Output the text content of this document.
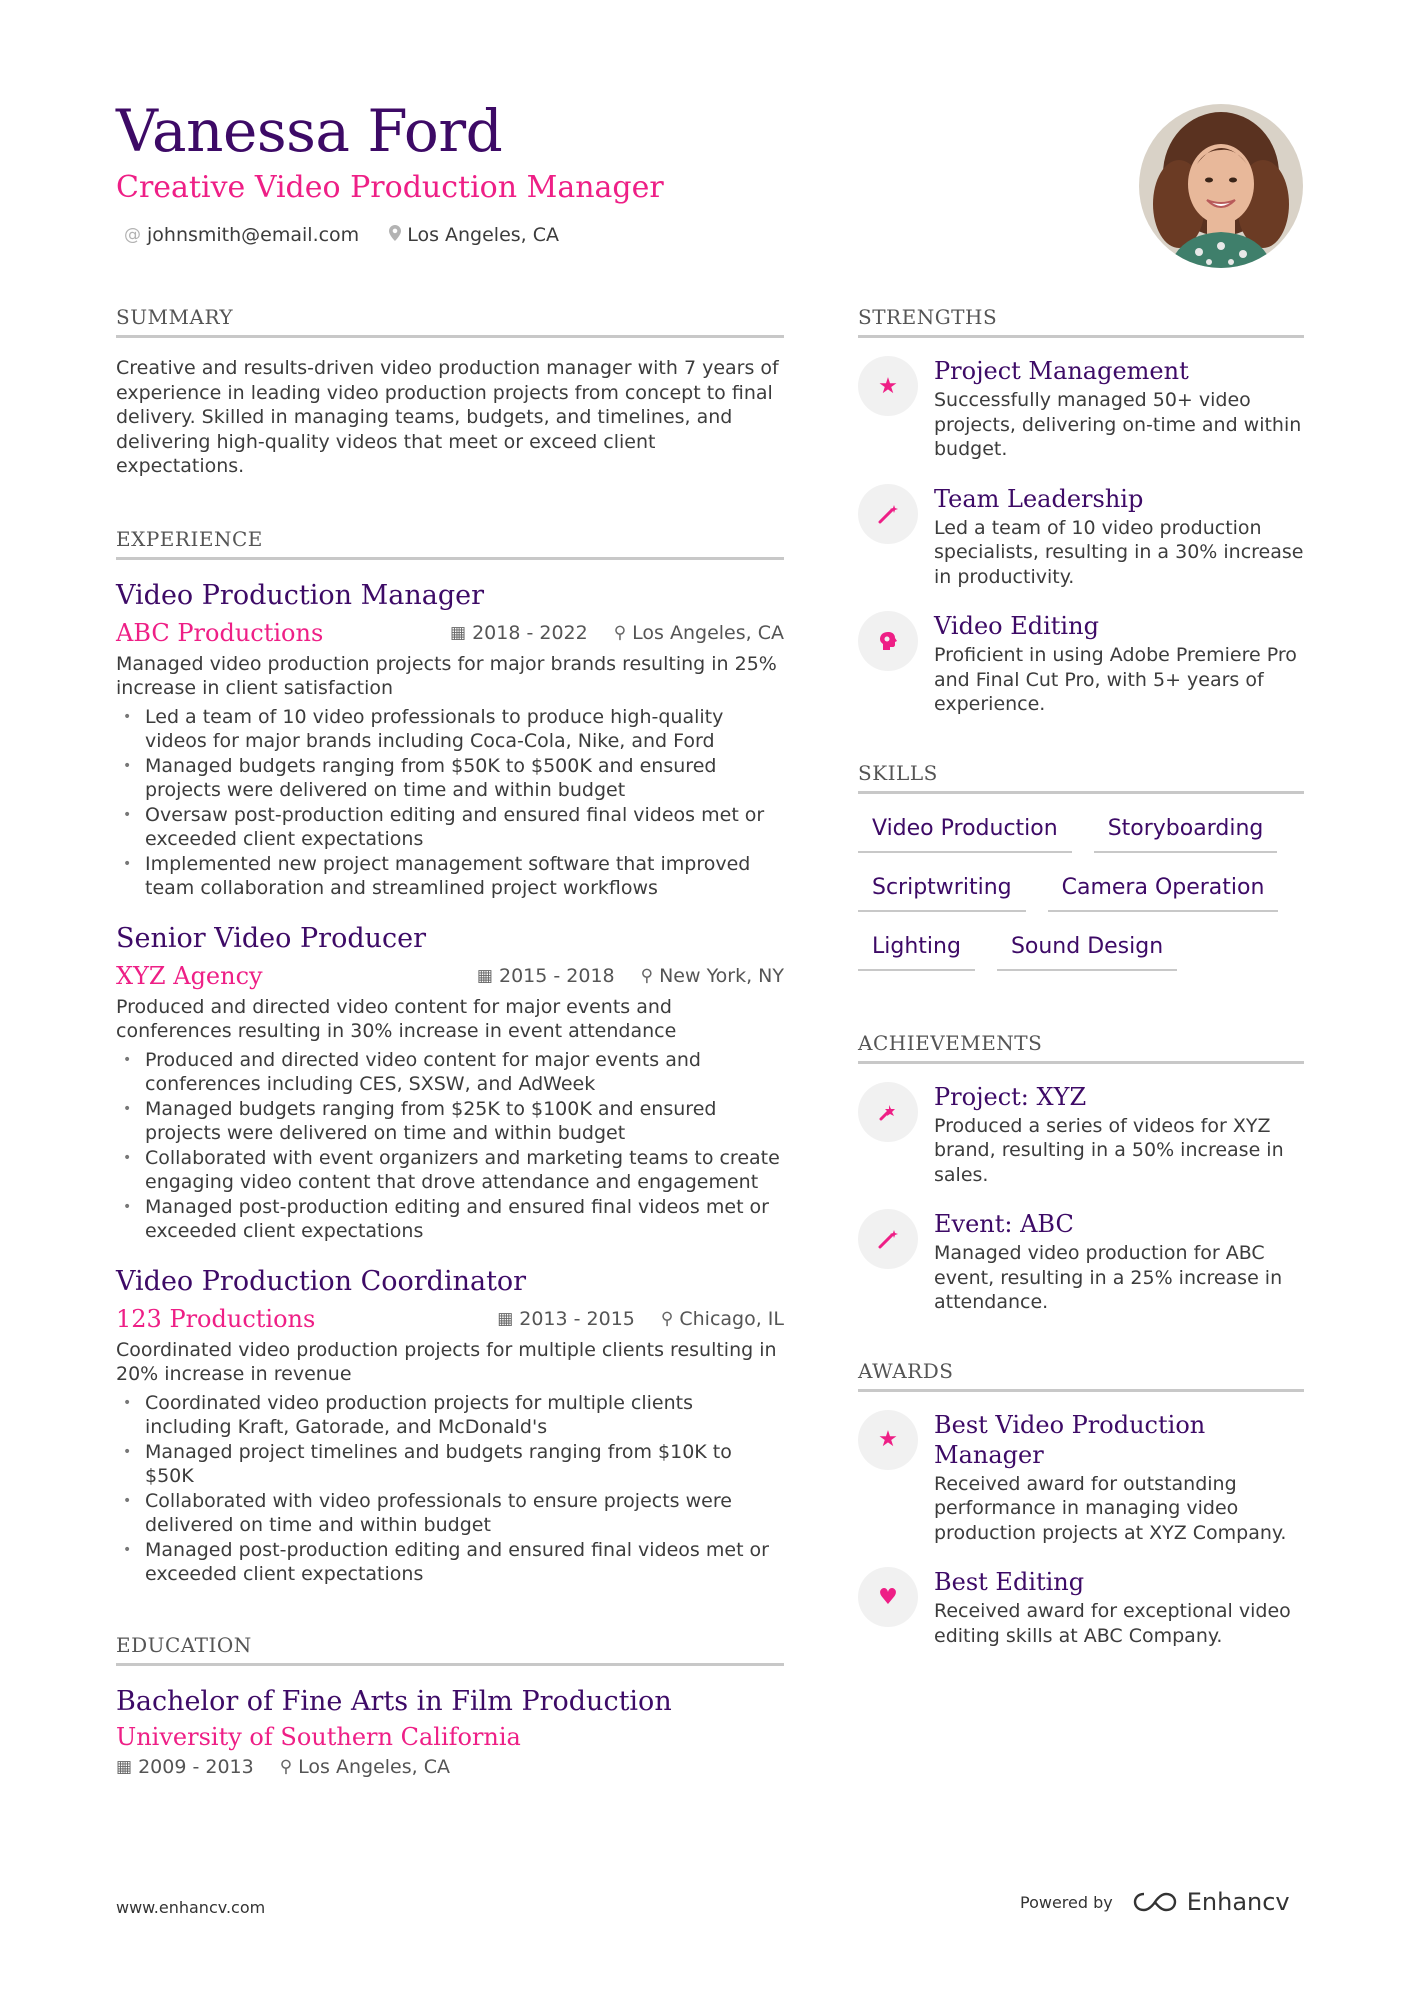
Vanessa Ford
Creative Video Production Manager
@ johnsmith@email.com	Los Angeles, CA
SUMMARY
Creative and results-driven video production manager with 7 years of experience in leading video production projects from concept to final delivery. Skilled in managing teams, budgets, and timelines, and delivering high-quality videos that meet or exceed client expectations.
EXPERIENCE
Video Production Manager
ABC Productions	▦ 2018 - 2022 ⚲ Los Angeles, CA
Managed video production projects for major brands resulting in 25% increase in client satisfaction
• Led a team of 10 video professionals to produce high-quality videos for major brands including Coca-Cola, Nike, and Ford
• Managed budgets ranging from $50K to $500K and ensured projects were delivered on time and within budget
• Oversaw post-production editing and ensured final videos met or exceeded client expectations
• Implemented new project management software that improved team collaboration and streamlined project workflows
Senior Video Producer
XYZ Agency	▦ 2015 - 2018 ⚲ New York, NY
Produced and directed video content for major events and conferences resulting in 30% increase in event attendance
• Produced and directed video content for major events and conferences including CES, SXSW, and AdWeek
• Managed budgets ranging from $25K to $100K and ensured projects were delivered on time and within budget
• Collaborated with event organizers and marketing teams to create engaging video content that drove attendance and engagement
• Managed post-production editing and ensured final videos met or exceeded client expectations
Video Production Coordinator
123 Productions	▦ 2013 - 2015 ⚲ Chicago, IL
Coordinated video production projects for multiple clients resulting in 20% increase in revenue
• Coordinated video production projects for multiple clients including Kraft, Gatorade, and McDonald's
• Managed project timelines and budgets ranging from $10K to $50K
• Collaborated with video professionals to ensure projects were delivered on time and within budget
• Managed post-production editing and ensured final videos met or exceeded client expectations
EDUCATION
Bachelor of Fine Arts in Film Production
University of Southern California
▦ 2009 - 2013 ⚲ Los Angeles, CA
STRENGTHS
★
Project Management
Successfully managed 50+ video projects, delivering on-time and within budget.
Team Leadership
Led a team of 10 video production specialists, resulting in a 30% increase in productivity.
Video Editing
Proficient in using Adobe Premiere Pro and Final Cut Pro, with 5+ years of experience.
SKILLS
Video Production	Storyboarding
Scriptwriting	Camera Operation
Lighting	Sound Design
ACHIEVEMENTS
Project: XYZ
Produced a series of videos for XYZ brand, resulting in a 50% increase in sales.
Event: ABC
Managed video production for ABC event, resulting in a 25% increase in attendance.
AWARDS
★
Best Video Production Manager
Received award for outstanding performance in managing video production projects at XYZ Company.
♥
Best Editing
Received award for exceptional video editing skills at ABC Company.
www.enhancv.com	Powered by	Enhancv
